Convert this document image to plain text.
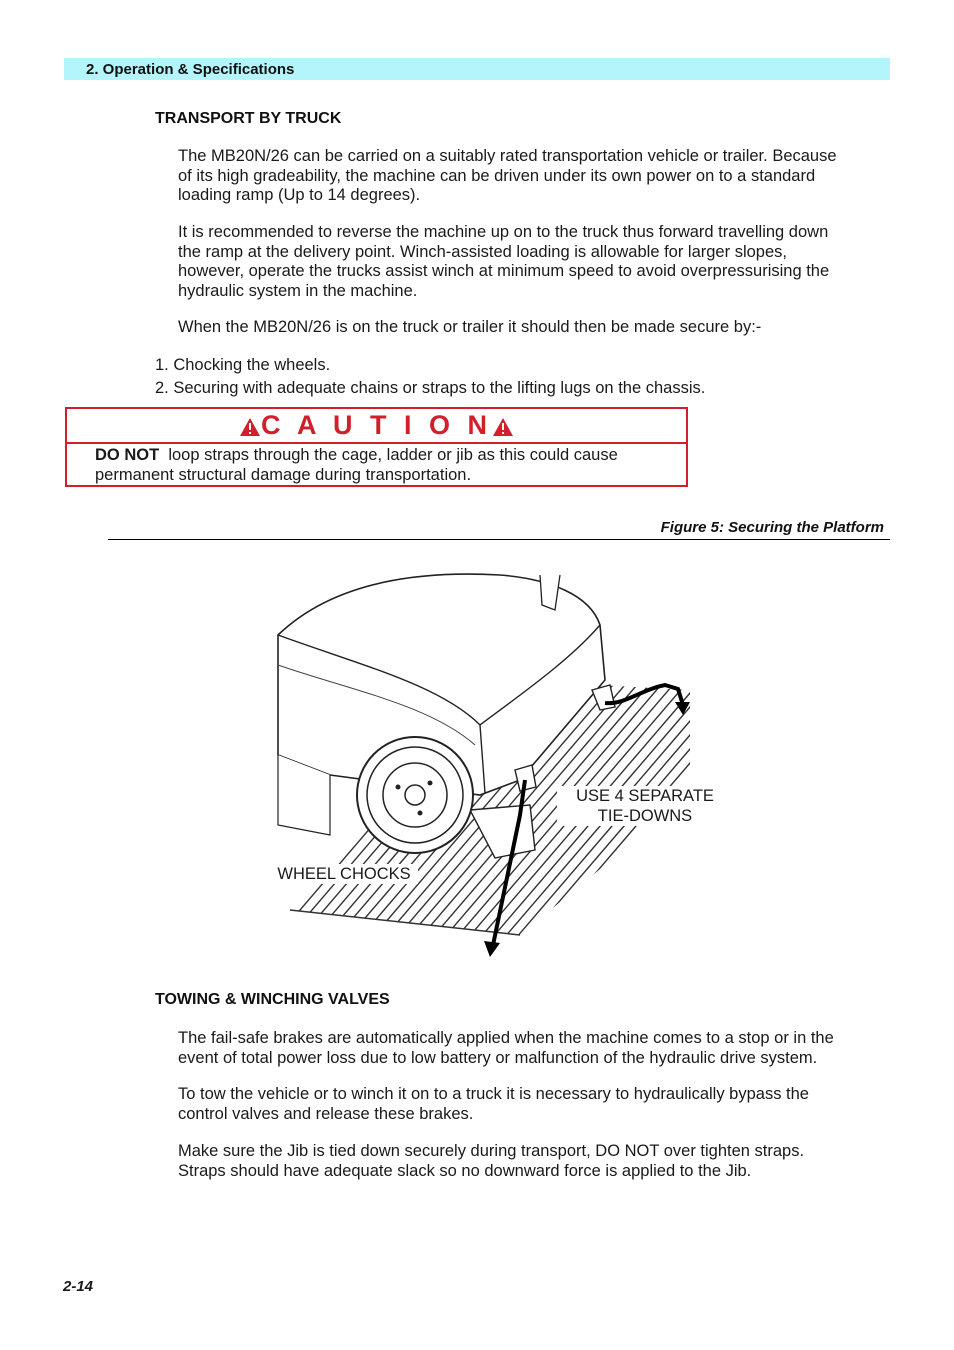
2. Operation & Specifications
TRANSPORT BY TRUCK
The MB20N/26 can be carried on a suitably rated transportation vehicle or trailer. Because
of its high gradeability, the machine can be driven under its own power on to a standard
loading ramp (Up to 14 degrees).
It is recommended to reverse the machine up on to the truck thus forward travelling down
the ramp at the delivery point. Winch-assisted loading is allowable for larger slopes,
however, operate the trucks assist winch at minimum speed to avoid overpressurising the
hydraulic system in the machine.
When the MB20N/26 is on the truck or trailer it should then be made secure by:-
1. Chocking the wheels.
2. Securing with adequate chains or straps to the lifting lugs on the chassis.
C A U T I O N
DO NOT loop straps through the cage, ladder or jib as this could cause
permanent structural damage during transportation.
Figure 5: Securing the Platform
USE 4 SEPARATE
TIE-DOWNS
WHEEL CHOCKS
TOWING & WINCHING VALVES
The fail-safe brakes are automatically applied when the machine comes to a stop or in the
event of total power loss due to low battery or malfunction of the hydraulic drive system.
To tow the vehicle or to winch it on to a truck it is necessary to hydraulically bypass the
control valves and release these brakes.
Make sure the Jib is tied down securely during transport, DO NOT over tighten straps.
Straps should have adequate slack so no downward force is applied to the Jib.
2-14
